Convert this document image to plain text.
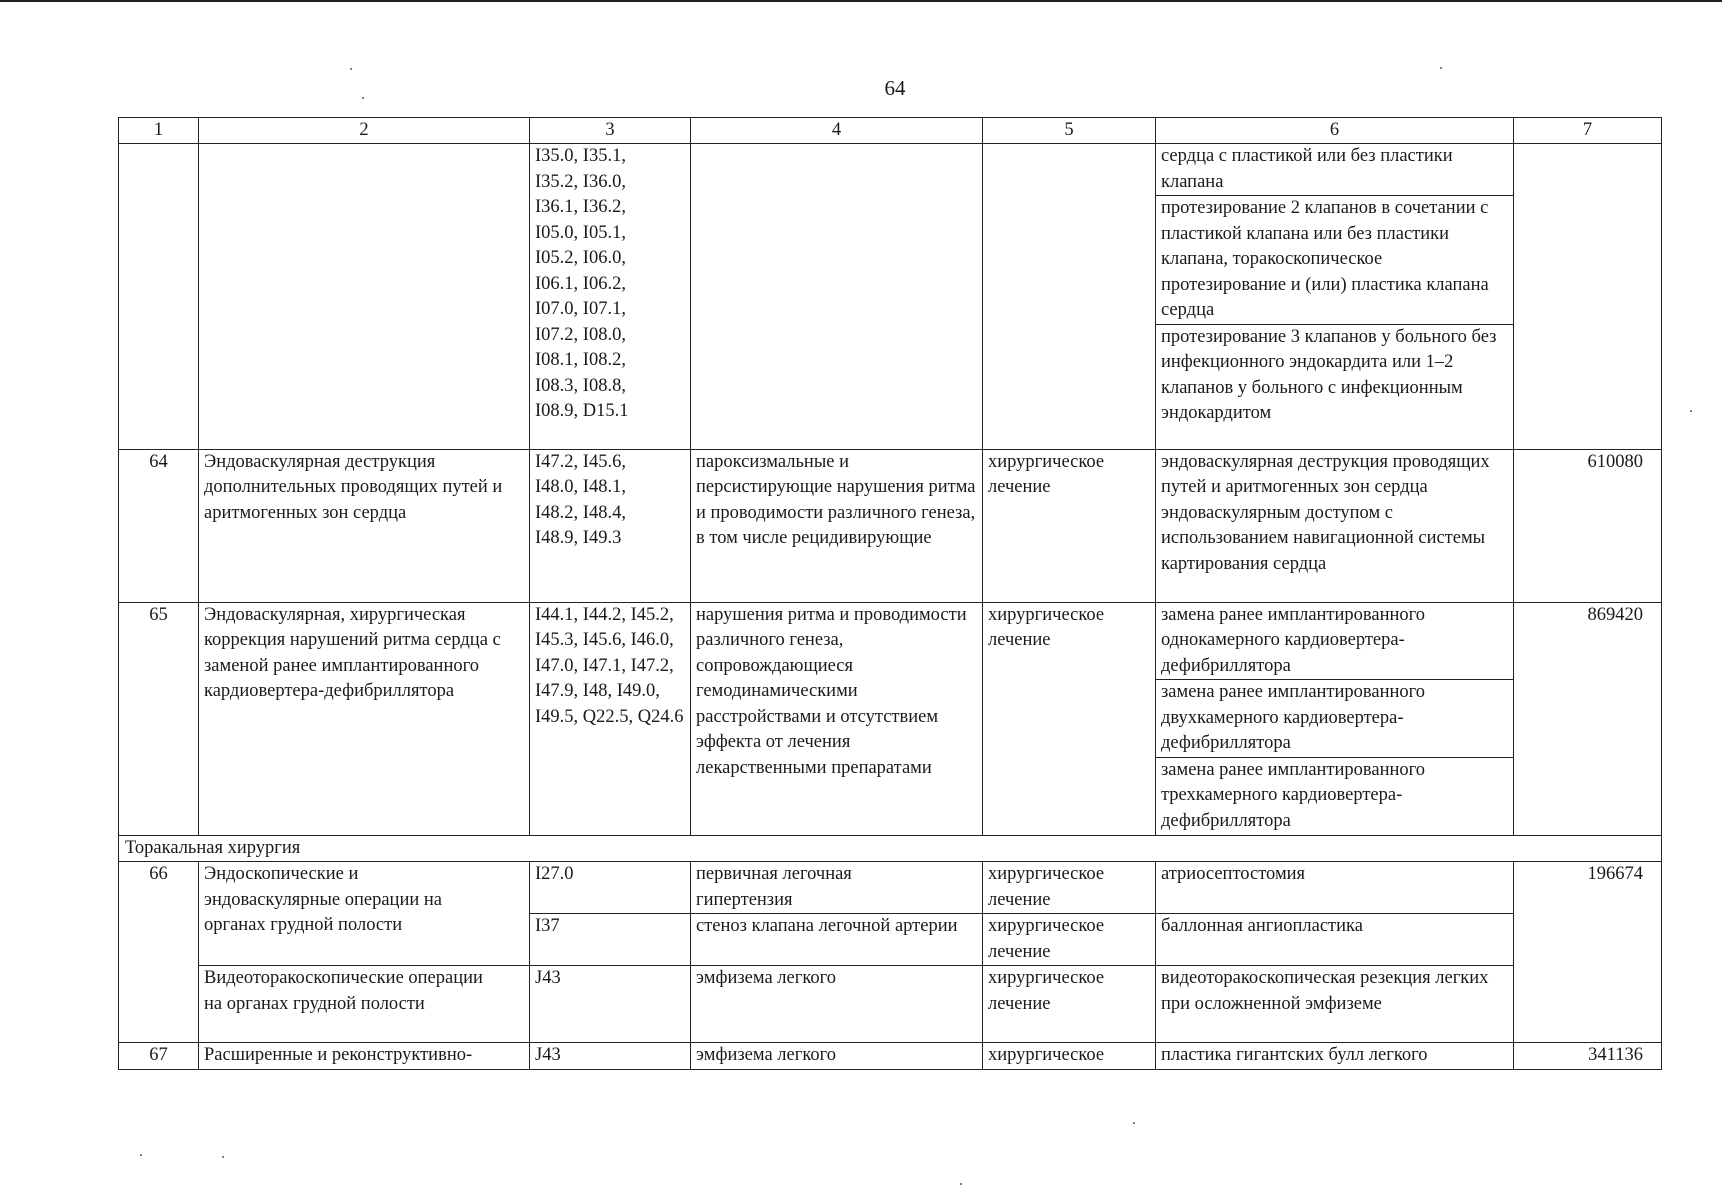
64
1	2	3	4	5	6	7
		I35.0, I35.1, I35.2, I36.0, I36.1, I36.2, I05.0, I05.1, I05.2, I06.0, I06.1, I06.2, I07.0, I07.1, I07.2, I08.0, I08.1, I08.2, I08.3, I08.8, I08.9, D15.1			сердца с пластикой или без пластики клапана	
					протезирование 2 клапанов в сочетании с пластикой клапана или без пластики клапана, торакоскопическое протезирование и (или) пластика клапана сердца	
					протезирование 3 клапанов у больного без инфекционного эндокардита или 1–2 клапанов у больного с инфекционным эндокардитом	
64	Эндоваскулярная деструкция дополнительных проводящих путей и аритмогенных зон сердца	I47.2, I45.6, I48.0, I48.1, I48.2, I48.4, I48.9, I49.3	пароксизмальные и персистирующие нарушения ритма и проводимости различного генеза, в том числе рецидивирующие	хирургическое лечение	эндоваскулярная деструкция проводящих путей и аритмогенных зон сердца эндоваскулярным доступом с использованием навигационной системы картирования сердца	610080
65	Эндоваскулярная, хирургическая коррекция нарушений ритма сердца с заменой ранее имплантированного кардиовертера-дефибриллятора	I44.1, I44.2, I45.2, I45.3, I45.6, I46.0, I47.0, I47.1, I47.2, I47.9, I48, I49.0, I49.5, Q22.5, Q24.6	нарушения ритма и проводимости различного генеза, сопровождающиеся гемодинамическими расстройствами и отсутствием эффекта от лечения лекарственными препаратами	хирургическое лечение	замена ранее имплантированного однокамерного кардиовертера-дефибриллятора	869420
					замена ранее имплантированного двухкамерного кардиовертера-дефибриллятора	
					замена ранее имплантированного трехкамерного кардиовертера-дефибриллятора	
Торакальная хирургия						
66	Эндоскопические и эндоваскулярные операции на органах грудной полости	I27.0	первичная легочная гипертензия	хирургическое лечение	атриосептостомия	196674
		I37	стеноз клапана легочной артерии	хирургическое лечение	баллонная ангиопластика	
	Видеоторакоскопические операции на органах грудной полости	J43	эмфизема легкого	хирургическое лечение	видеоторакоскопическая резекция легких при осложненной эмфиземе	
67	Расширенные и реконструктивно-	J43	эмфизема легкого	хирургическое	пластика гигантских булл легкого	341136
